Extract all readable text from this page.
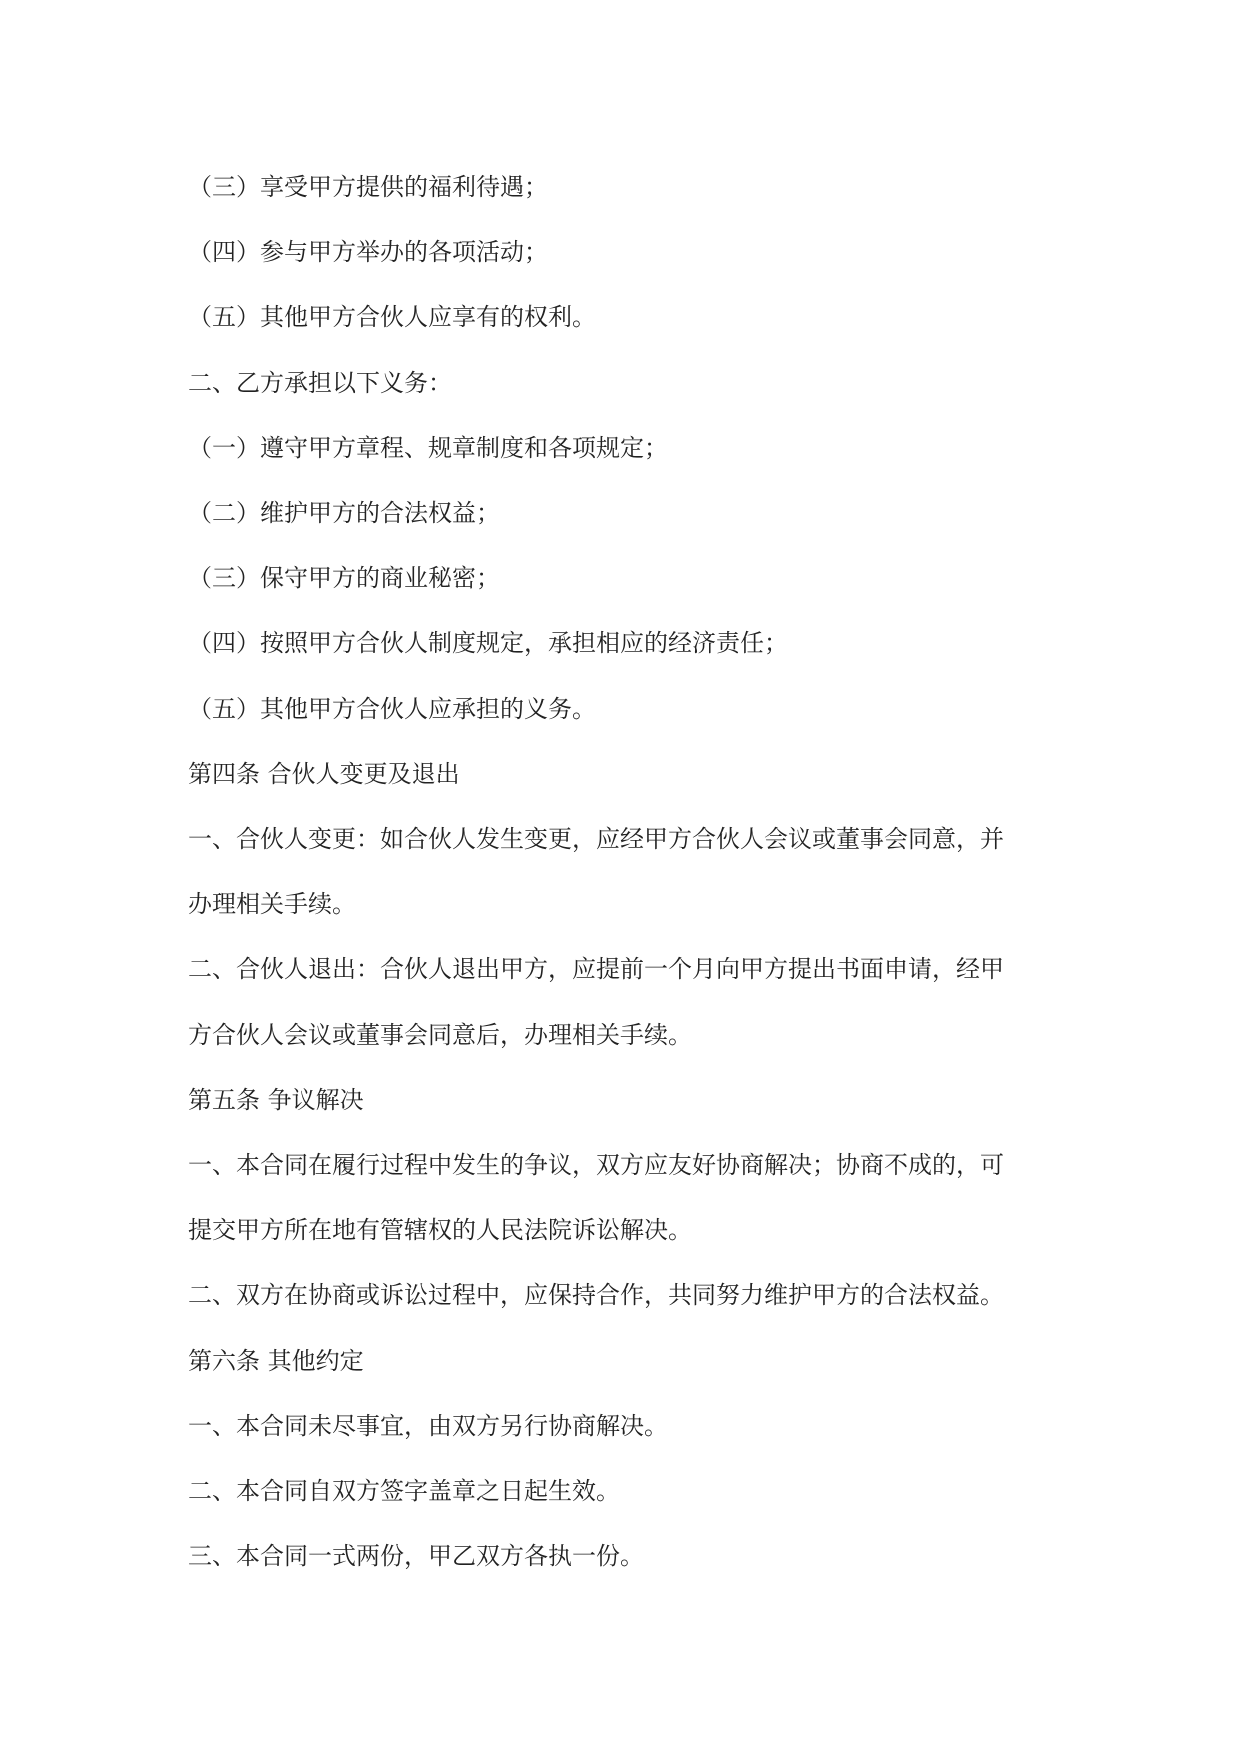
（三）享受甲方提供的福利待遇；

（四）参与甲方举办的各项活动；

（五）其他甲方合伙人应享有的权利。

二、乙方承担以下义务：

（一）遵守甲方章程、规章制度和各项规定；

（二）维护甲方的合法权益；

（三）保守甲方的商业秘密；

（四）按照甲方合伙人制度规定，承担相应的经济责任；

（五）其他甲方合伙人应承担的义务。

第四条 合伙人变更及退出

一、合伙人变更：如合伙人发生变更，应经甲方合伙人会议或董事会同意，并

办理相关手续。

二、合伙人退出：合伙人退出甲方，应提前一个月向甲方提出书面申请，经甲

方合伙人会议或董事会同意后，办理相关手续。

第五条 争议解决

一、本合同在履行过程中发生的争议，双方应友好协商解决；协商不成的，可

提交甲方所在地有管辖权的人民法院诉讼解决。

二、双方在协商或诉讼过程中，应保持合作，共同努力维护甲方的合法权益。

第六条 其他约定

一、本合同未尽事宜，由双方另行协商解决。

二、本合同自双方签字盖章之日起生效。

三、本合同一式两份，甲乙双方各执一份。
